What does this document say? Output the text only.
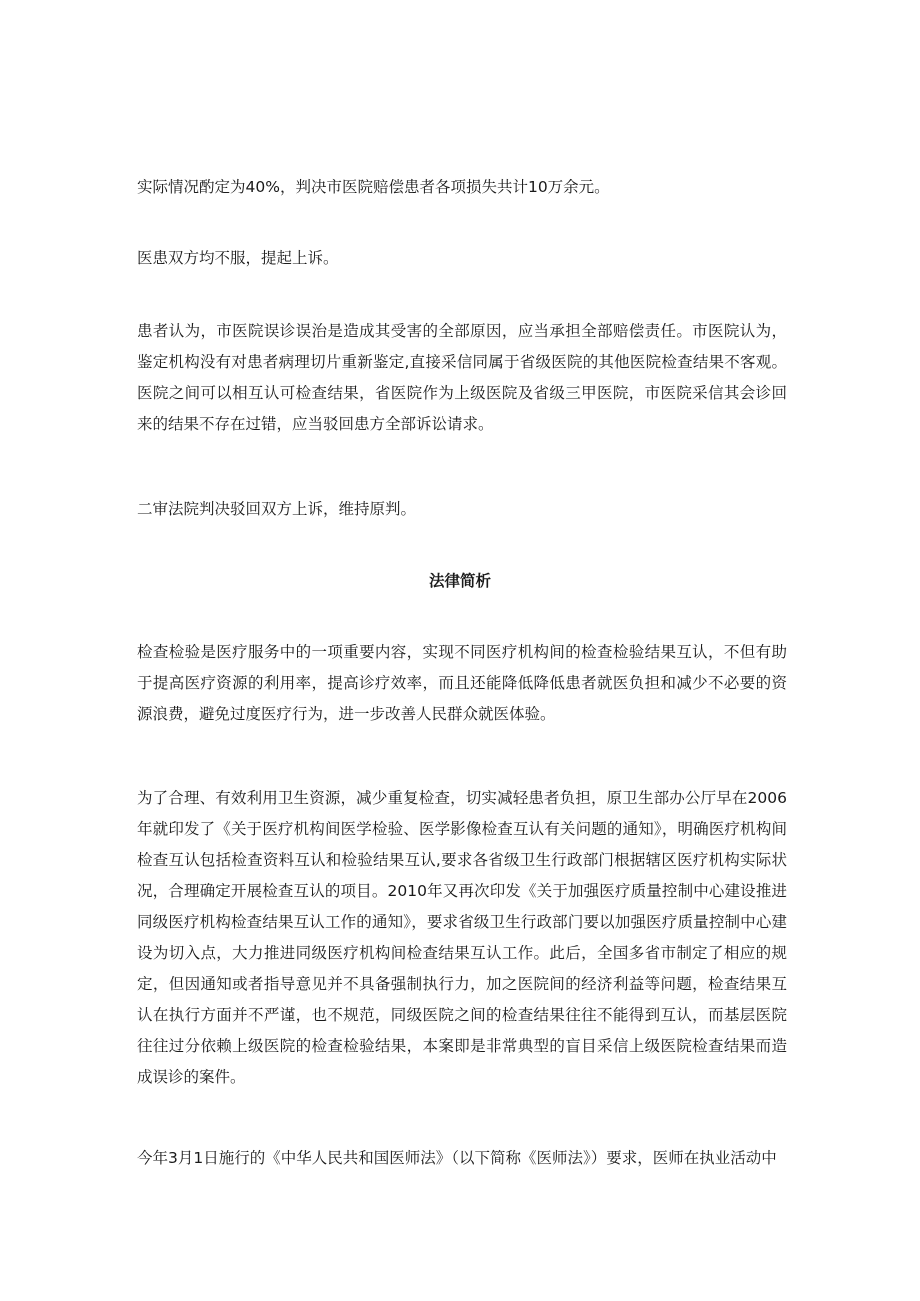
实际情况酌定为40%，判决市医院赔偿患者各项损失共计10万余元。

医患双方均不服，提起上诉。

患者认为，市医院误诊误治是造成其受害的全部原因，应当承担全部赔偿责任。市医院认为，鉴定机构没有对患者病理切片重新鉴定,直接采信同属于省级医院的其他医院检查结果不客观。医院之间可以相互认可检查结果，省医院作为上级医院及省级三甲医院，市医院采信其会诊回来的结果不存在过错，应当驳回患方全部诉讼请求。

二审法院判决驳回双方上诉，维持原判。

法律简析

检查检验是医疗服务中的一项重要内容，实现不同医疗机构间的检查检验结果互认，不但有助于提高医疗资源的利用率，提高诊疗效率，而且还能降低降低患者就医负担和减少不必要的资源浪费，避免过度医疗行为，进一步改善人民群众就医体验。

为了合理、有效利用卫生资源，减少重复检查，切实减轻患者负担，原卫生部办公厅早在2006年就印发了《关于医疗机构间医学检验、医学影像检查互认有关问题的通知》，明确医疗机构间检查互认包括检查资料互认和检验结果互认,要求各省级卫生行政部门根据辖区医疗机构实际状况，合理确定开展检查互认的项目。2010年又再次印发《关于加强医疗质量控制中心建设推进同级医疗机构检查结果互认工作的通知》，要求省级卫生行政部门要以加强医疗质量控制中心建设为切入点，大力推进同级医疗机构间检查结果互认工作。此后，全国多省市制定了相应的规定，但因通知或者指导意见并不具备强制执行力，加之医院间的经济利益等问题，检查结果互认在执行方面并不严谨，也不规范，同级医院之间的检查结果往往不能得到互认，而基层医院往往过分依赖上级医院的检查检验结果，本案即是非常典型的盲目采信上级医院检查结果而造成误诊的案件。

今年3月1日施行的《中华人民共和国医师法》（以下简称《医师法》）要求，医师在执业活动中
